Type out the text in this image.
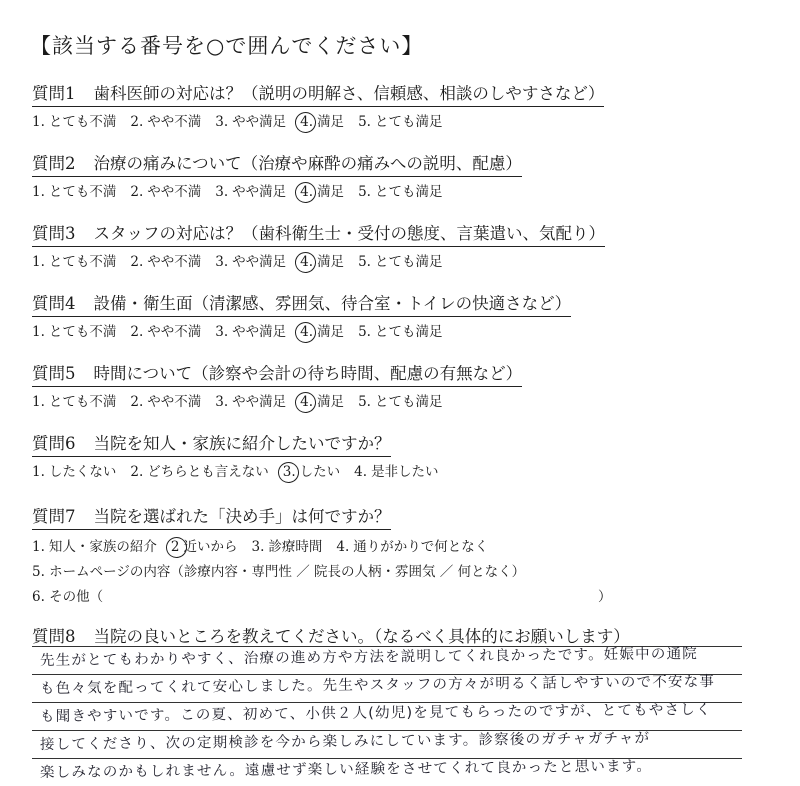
【該当する番号を○で囲んでください】
質問1 歯科医師の対応は？（説明の明解さ、信頼感、相談のしやすさなど）
1. とても不満 2. やや不満 3. やや満足 4. 満足 5. とても満足
質問2 治療の痛みについて（治療や麻酔の痛みへの説明、配慮）
1. とても不満 2. やや不満 3. やや満足 4. 満足 5. とても満足
質問3 スタッフの対応は？（歯科衛生士・受付の態度、言葉遣い、気配り）
1. とても不満 2. やや不満 3. やや満足 4. 満足 5. とても満足
質問4 設備・衛生面（清潔感、雰囲気、待合室・トイレの快適さなど）
1. とても不満 2. やや不満 3. やや満足 4. 満足 5. とても満足
質問5 時間について（診察や会計の待ち時間、配慮の有無など）
1. とても不満 2. やや不満 3. やや満足 4. 満足 5. とても満足
質問6 当院を知人・家族に紹介したいですか？
1. したくない 2. どちらとも言えない 3. したい 4. 是非したい
質問7 当院を選ばれた「決め手」は何ですか？
1. 知人・家族の紹介 2 近いから 3. 診療時間 4. 通りがかりで何となく
5. ホームページの内容（診療内容・専門性 ／ 院長の人柄・雰囲気 ／ 何となく）
6. その他（	）
質問8 当院の良いところを教えてください。（なるべく具体的にお願いします）
先生がとてもわかりやすく、治療の進め方や方法を説明してくれ良かったです。妊娠中の通院
も色々気を配ってくれて安心しました。先生やスタッフの方々が明るく話しやすいので不安な事
も聞きやすいです。この夏、初めて、小供２人(幼児)を見てもらったのですが、とてもやさしく
接してくださり、次の定期検診を今から楽しみにしています。診察後のガチャガチャが
楽しみなのかもしれません。遠慮せず楽しい経験をさせてくれて良かったと思います。
